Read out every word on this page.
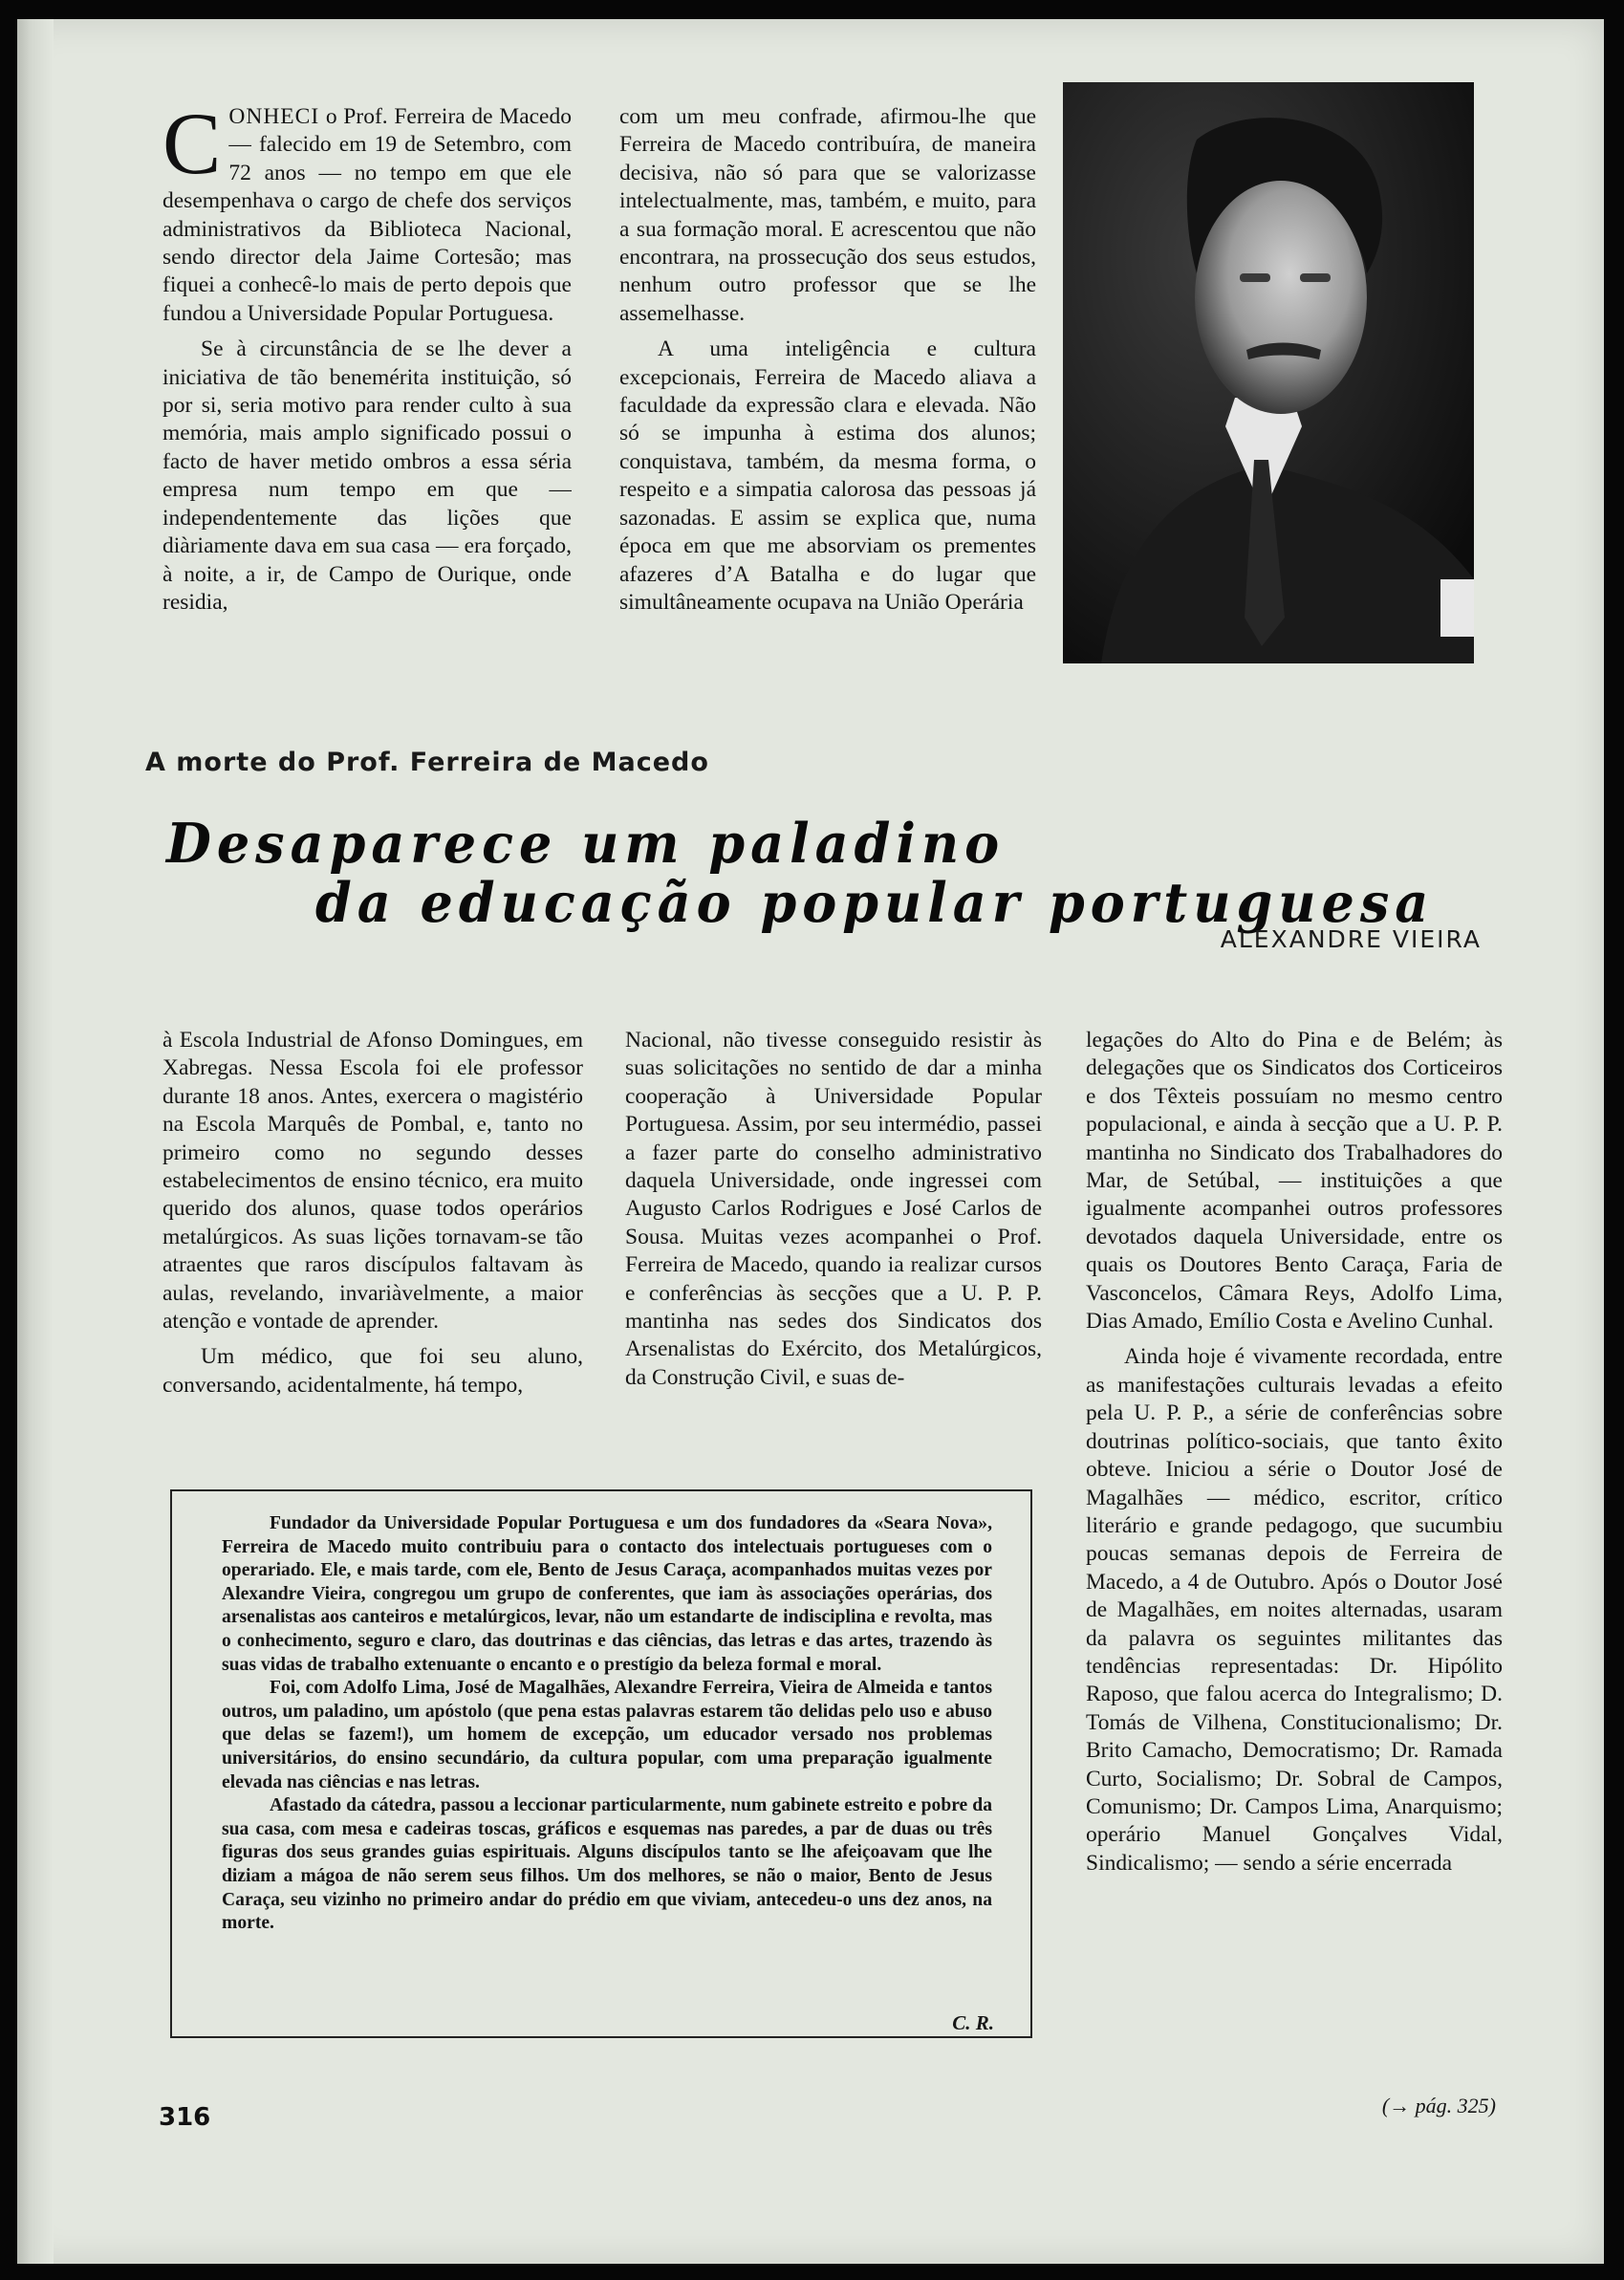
CONHECI o Prof. Ferreira de Macedo — falecido em 19 de Setembro, com 72 anos — no tempo em que ele desempenhava o cargo de chefe dos serviços administrativos da Biblioteca Nacional, sendo director dela Jaime Cortesão; mas fiquei a conhecê-lo mais de perto depois que fundou a Universidade Popular Portuguesa.

Se à circunstância de se lhe dever a iniciativa de tão benemérita instituição, só por si, seria motivo para render culto à sua memória, mais amplo significado possui o facto de haver metido ombros a essa séria empresa num tempo em que — independentemente das lições que diàriamente dava em sua casa — era forçado, à noite, a ir, de Campo de Ourique, onde residia,

com um meu confrade, afirmou-lhe que Ferreira de Macedo contribuíra, de maneira decisiva, não só para que se valorizasse intelectualmente, mas, também, e muito, para a sua formação moral. E acrescentou que não encontrara, na prossecução dos seus estudos, nenhum outro professor que se lhe assemelhasse.

A uma inteligência e cultura excepcionais, Ferreira de Macedo aliava a faculdade da expressão clara e elevada. Não só se impunha à estima dos alunos; conquistava, também, da mesma forma, o respeito e a simpatia calorosa das pessoas já sazonadas. E assim se explica que, numa época em que me absorviam os prementes afazeres d’A Batalha e do lugar que simultâneamente ocupava na União Operária

A morte do Prof. Ferreira de Macedo
Desaparece um paladino
da educação popular portuguesa
ALEXANDRE VIEIRA

à Escola Industrial de Afonso Domingues, em Xabregas. Nessa Escola foi ele professor durante 18 anos. Antes, exercera o magistério na Escola Marquês de Pombal, e, tanto no primeiro como no segundo desses estabelecimentos de ensino técnico, era muito querido dos alunos, quase todos operários metalúrgicos. As suas lições tornavam-se tão atraentes que raros discípulos faltavam às aulas, revelando, invariàvelmente, a maior atenção e vontade de aprender.

Um médico, que foi seu aluno, conversando, acidentalmente, há tempo,

Nacional, não tivesse conseguido resistir às suas solicitações no sentido de dar a minha cooperação à Universidade Popular Portuguesa. Assim, por seu intermédio, passei a fazer parte do conselho administrativo daquela Universidade, onde ingressei com Augusto Carlos Rodrigues e José Carlos de Sousa. Muitas vezes acompanhei o Prof. Ferreira de Macedo, quando ia realizar cursos e conferências às secções que a U. P. P. mantinha nas sedes dos Sindicatos dos Arsenalistas do Exército, dos Metalúrgicos, da Construção Civil, e suas de-

legações do Alto do Pina e de Belém; às delegações que os Sindicatos dos Corticeiros e dos Têxteis possuíam no mesmo centro populacional, e ainda à secção que a U. P. P. mantinha no Sindicato dos Trabalhadores do Mar, de Setúbal, — instituições a que igualmente acompanhei outros professores devotados daquela Universidade, entre os quais os Doutores Bento Caraça, Faria de Vasconcelos, Câmara Reys, Adolfo Lima, Dias Amado, Emílio Costa e Avelino Cunhal.

Ainda hoje é vivamente recordada, entre as manifestações culturais levadas a efeito pela U. P. P., a série de conferências sobre doutrinas político-sociais, que tanto êxito obteve. Iniciou a série o Doutor José de Magalhães — médico, escritor, crítico literário e grande pedagogo, que sucumbiu poucas semanas depois de Ferreira de Macedo, a 4 de Outubro. Após o Doutor José de Magalhães, em noites alternadas, usaram da palavra os seguintes militantes das tendências representadas: Dr. Hipólito Raposo, que falou acerca do Integralismo; D. Tomás de Vilhena, Constitucionalismo; Dr. Brito Camacho, Democratismo; Dr. Ramada Curto, Socialismo; Dr. Sobral de Campos, Comunismo; Dr. Campos Lima, Anarquismo; operário Manuel Gonçalves Vidal, Sindicalismo; — sendo a série encerrada

Fundador da Universidade Popular Portuguesa e um dos fundadores da «Seara Nova», Ferreira de Macedo muito contribuiu para o contacto dos intelectuais portugueses com o operariado. Ele, e mais tarde, com ele, Bento de Jesus Caraça, acompanhados muitas vezes por Alexandre Vieira, congregou um grupo de conferentes, que iam às associações operárias, dos arsenalistas aos canteiros e metalúrgicos, levar, não um estandarte de indisciplina e revolta, mas o conhecimento, seguro e claro, das doutrinas e das ciências, das letras e das artes, trazendo às suas vidas de trabalho extenuante o encanto e o prestígio da beleza formal e moral.

Foi, com Adolfo Lima, José de Magalhães, Alexandre Ferreira, Vieira de Almeida e tantos outros, um paladino, um apóstolo (que pena estas palavras estarem tão delidas pelo uso e abuso que delas se fazem!), um homem de excepção, um educador versado nos problemas universitários, do ensino secundário, da cultura popular, com uma preparação igualmente elevada nas ciências e nas letras.

Afastado da cátedra, passou a leccionar particularmente, num gabinete estreito e pobre da sua casa, com mesa e cadeiras toscas, gráficos e esquemas nas paredes, a par de duas ou três figuras dos seus grandes guias espirituais. Alguns discípulos tanto se lhe afeiçoavam que lhe diziam a mágoa de não serem seus filhos. Um dos melhores, se não o maior, Bento de Jesus Caraça, seu vizinho no primeiro andar do prédio em que viviam, antecedeu-o uns dez anos, na morte.

C. R.
316	(→ pág. 325)
